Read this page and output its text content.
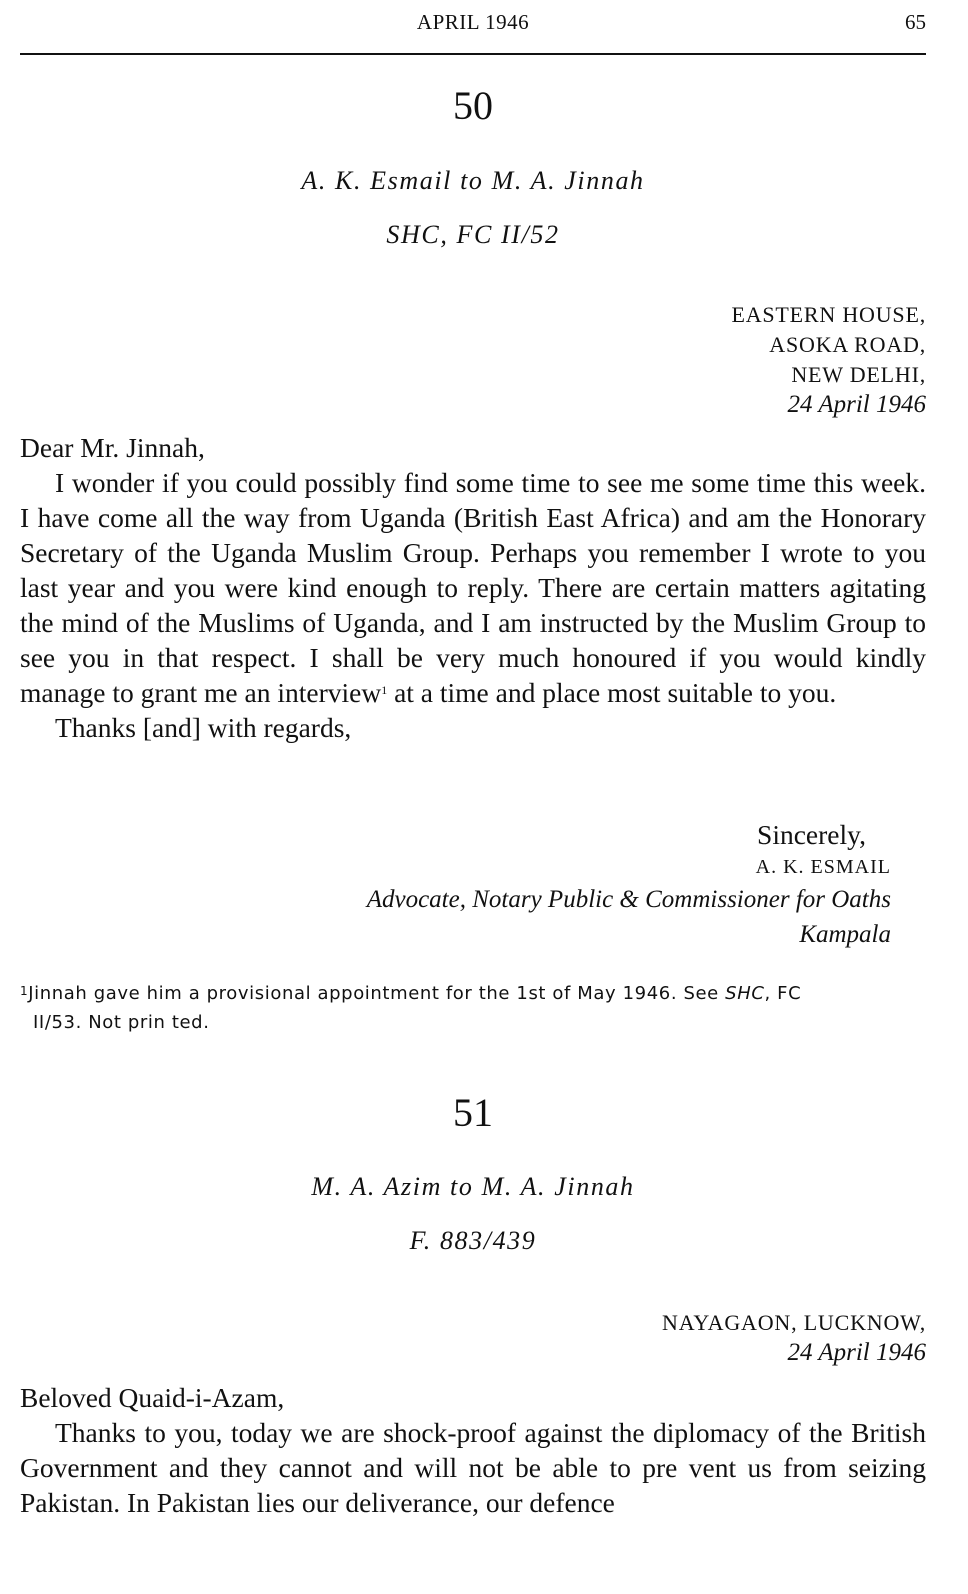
APRIL 1946	65
50
A. K. Esmail to M. A. Jinnah
SHC, FC II/52
EASTERN HOUSE,
ASOKA ROAD,
NEW DELHI,
24 April 1946

Dear Mr. Jinnah,

I wonder if you could possibly find some time to see me some time this week. I have come all the way from Uganda (British East Africa) and am the Honorary Secretary of the Uganda Muslim Group. Perhaps you remember I wrote to you last year and you were kind enough to reply. There are certain matters agitating the mind of the Muslims of Uganda, and I am instructed by the Muslim Group to see you in that respect. I shall be very much honoured if you would kindly manage to grant me an interview$^1$ at a time and place most suitable to you.

Thanks [and] with regards,

Sincerely,
A. K. ESMAIL
Advocate, Notary Public & Commissioner for Oaths
Kampala
$^1$Jinnah gave him a provisional appointment for the 1st of May 1946. See SHC, FC
II/53. Not prin ted.
51
M. A. Azim to M. A. Jinnah
F. 883/439
NAYAGAON, LUCKNOW,
24 April 1946

Beloved Quaid-i-Azam,

Thanks to you, today we are shock-proof against the diplomacy of the British Government and they cannot and will not be able to pre vent us from seizing Pakistan. In Pakistan lies our deliverance, our defence
